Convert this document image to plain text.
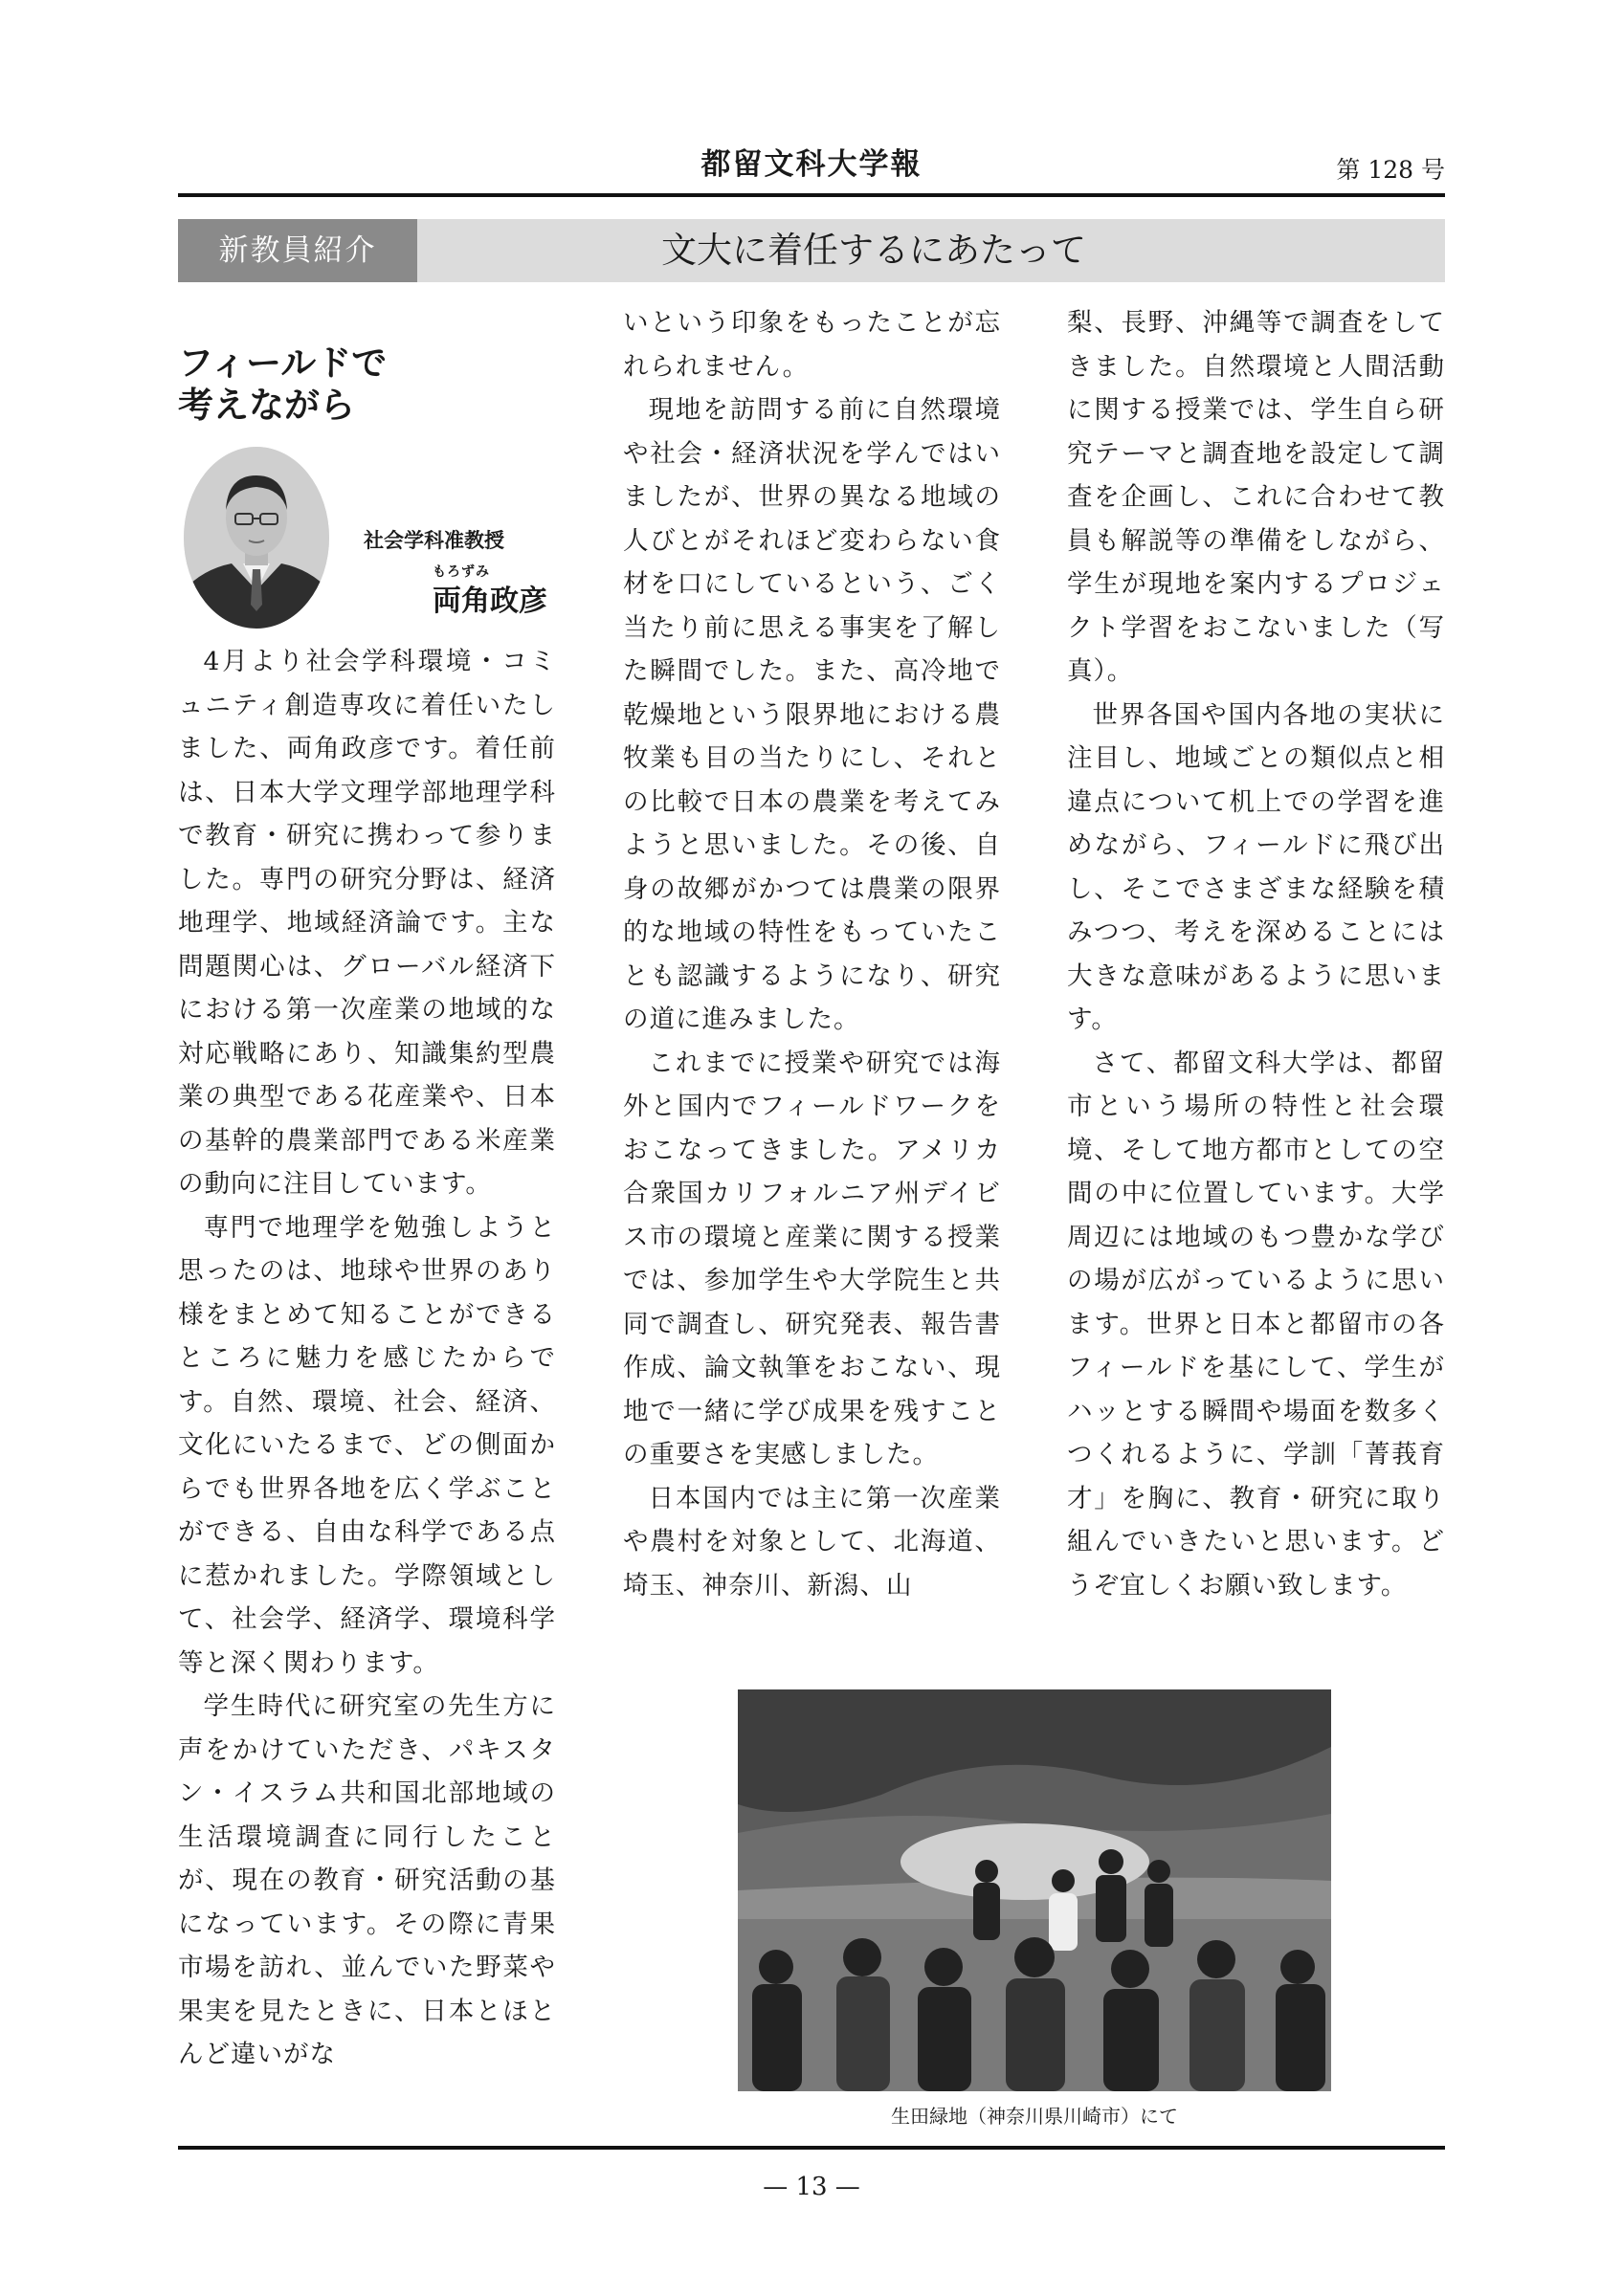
都留文科大学報	第 128 号
新教員紹介	文大に着任するにあたって
フィールドで
考えながら
社会学科准教授
もろずみ
両角政彦

4月より社会学科環境・コミュニティ創造専攻に着任いたしました、両角政彦です。着任前は、日本大学文理学部地理学科で教育・研究に携わって参りました。専門の研究分野は、経済地理学、地域経済論です。主な問題関心は、グローバル経済下における第一次産業の地域的な対応戦略にあり、知識集約型農業の典型である花産業や、日本の基幹的農業部門である米産業の動向に注目しています。

専門で地理学を勉強しようと思ったのは、地球や世界のあり様をまとめて知ることができるところに魅力を感じたからです。自然、環境、社会、経済、文化にいたるまで、どの側面からでも世界各地を広く学ぶことができる、自由な科学である点に惹かれました。学際領域として、社会学、経済学、環境科学等と深く関わります。

学生時代に研究室の先生方に声をかけていただき、パキスタン・イスラム共和国北部地域の生活環境調査に同行したことが、現在の教育・研究活動の基になっています。その際に青果市場を訪れ、並んでいた野菜や果実を見たときに、日本とほとんど違いがな

いという印象をもったことが忘れられません。

現地を訪問する前に自然環境や社会・経済状況を学んではいましたが、世界の異なる地域の人びとがそれほど変わらない食材を口にしているという、ごく当たり前に思える事実を了解した瞬間でした。また、高冷地で乾燥地という限界地における農牧業も目の当たりにし、それとの比較で日本の農業を考えてみようと思いました。その後、自身の故郷がかつては農業の限界的な地域の特性をもっていたことも認識するようになり、研究の道に進みました。

これまでに授業や研究では海外と国内でフィールドワークをおこなってきました。アメリカ合衆国カリフォルニア州デイビス市の環境と産業に関する授業では、参加学生や大学院生と共同で調査し、研究発表、報告書作成、論文執筆をおこない、現地で一緒に学び成果を残すことの重要さを実感しました。

日本国内では主に第一次産業や農村を対象として、北海道、埼玉、神奈川、新潟、山

梨、長野、沖縄等で調査をしてきました。自然環境と人間活動に関する授業では、学生自ら研究テーマと調査地を設定して調査を企画し、これに合わせて教員も解説等の準備をしながら、学生が現地を案内するプロジェクト学習をおこないました（写真）。

世界各国や国内各地の実状に注目し、地域ごとの類似点と相違点について机上での学習を進めながら、フィールドに飛び出し、そこでさまざまな経験を積みつつ、考えを深めることには大きな意味があるように思います。

さて、都留文科大学は、都留市という場所の特性と社会環境、そして地方都市としての空間の中に位置しています。大学周辺には地域のもつ豊かな学びの場が広がっているように思います。世界と日本と都留市の各フィールドを基にして、学生がハッとする瞬間や場面を数多くつくれるように、学訓「菁莪育才」を胸に、教育・研究に取り組んでいきたいと思います。どうぞ宜しくお願い致します。

生田緑地（神奈川県川崎市）にて
— 13 —
